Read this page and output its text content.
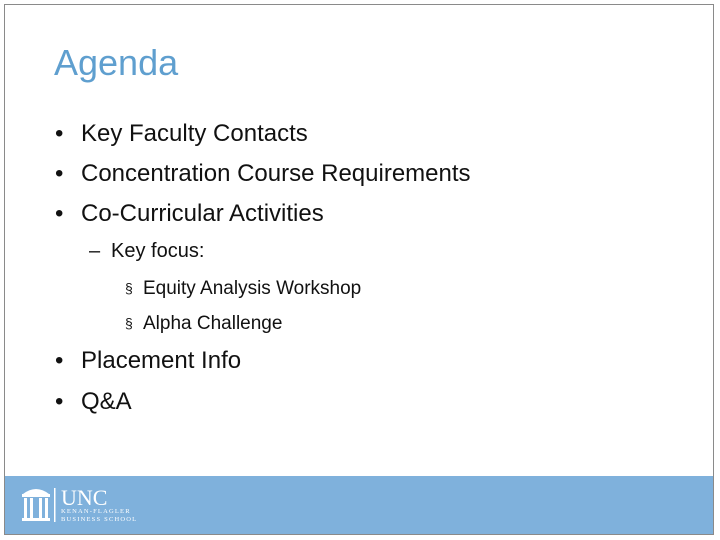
Agenda
• Key Faculty Contacts
• Concentration Course Requirements
• Co-Curricular Activities
– Key focus:
§ Equity Analysis Workshop
§ Alpha Challenge
• Placement Info
• Q&A
UNC
KENAN-FLAGLER
BUSINESS SCHOOL
